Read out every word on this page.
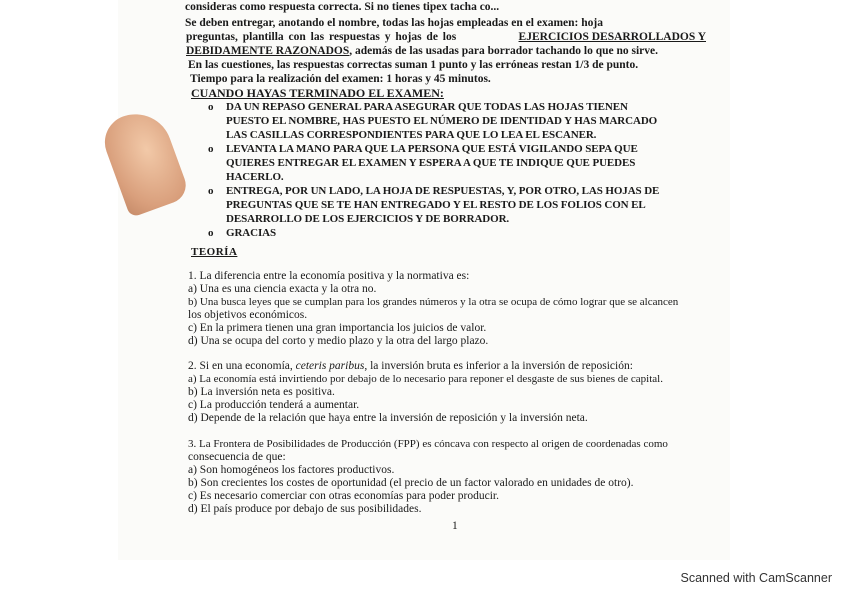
consideras como respuesta correcta. Si no tienes tipex tacha co...
Se deben entregar, anotando el nombre, todas las hojas empleadas en el examen: hoja
preguntas, plantilla con las respuestas y hojas de los	EJERCICIOS DESARROLLADOS Y
DEBIDAMENTE RAZONADOS, además de las usadas para borrador tachando lo que no sirve.
En las cuestiones, las respuestas correctas suman 1 punto y las erróneas restan 1/3 de punto.
Tiempo para la realización del examen: 1 horas y 45 minutos.
CUANDO HAYAS TERMINADO EL EXAMEN:
o DA UN REPASO GENERAL PARA ASEGURAR QUE TODAS LAS HOJAS TIENEN
PUESTO EL NOMBRE, HAS PUESTO EL NÚMERO DE IDENTIDAD Y HAS MARCADO
LAS CASILLAS CORRESPONDIENTES PARA QUE LO LEA EL ESCANER.
o LEVANTA LA MANO PARA QUE LA PERSONA QUE ESTÁ VIGILANDO SEPA QUE
QUIERES ENTREGAR EL EXAMEN Y ESPERA A QUE TE INDIQUE QUE PUEDES
HACERLO.
o ENTREGA, POR UN LADO, LA HOJA DE RESPUESTAS, Y, POR OTRO, LAS HOJAS DE
PREGUNTAS QUE SE TE HAN ENTREGADO Y EL RESTO DE LOS FOLIOS CON EL
DESARROLLO DE LOS EJERCICIOS Y DE BORRADOR.
o GRACIAS
TEORÍA
1. La diferencia entre la economía positiva y la normativa es:
a) Una es una ciencia exacta y la otra no.
b) Una busca leyes que se cumplan para los grandes números y la otra se ocupa de cómo lograr que se alcancen
los objetivos económicos.
c) En la primera tienen una gran importancia los juicios de valor.
d) Una se ocupa del corto y medio plazo y la otra del largo plazo.
2. Si en una economía, ceteris paribus, la inversión bruta es inferior a la inversión de reposición:
a) La economía está invirtiendo por debajo de lo necesario para reponer el desgaste de sus bienes de capital.
b) La inversión neta es positiva.
c) La producción tenderá a aumentar.
d) Depende de la relación que haya entre la inversión de reposición y la inversión neta.
3. La Frontera de Posibilidades de Producción (FPP) es cóncava con respecto al origen de coordenadas como
consecuencia de que:
a) Son homogéneos los factores productivos.
b) Son crecientes los costes de oportunidad (el precio de un factor valorado en unidades de otro).
c) Es necesario comerciar con otras economías para poder producir.
d) El país produce por debajo de sus posibilidades.
1
Scanned with CamScanner
